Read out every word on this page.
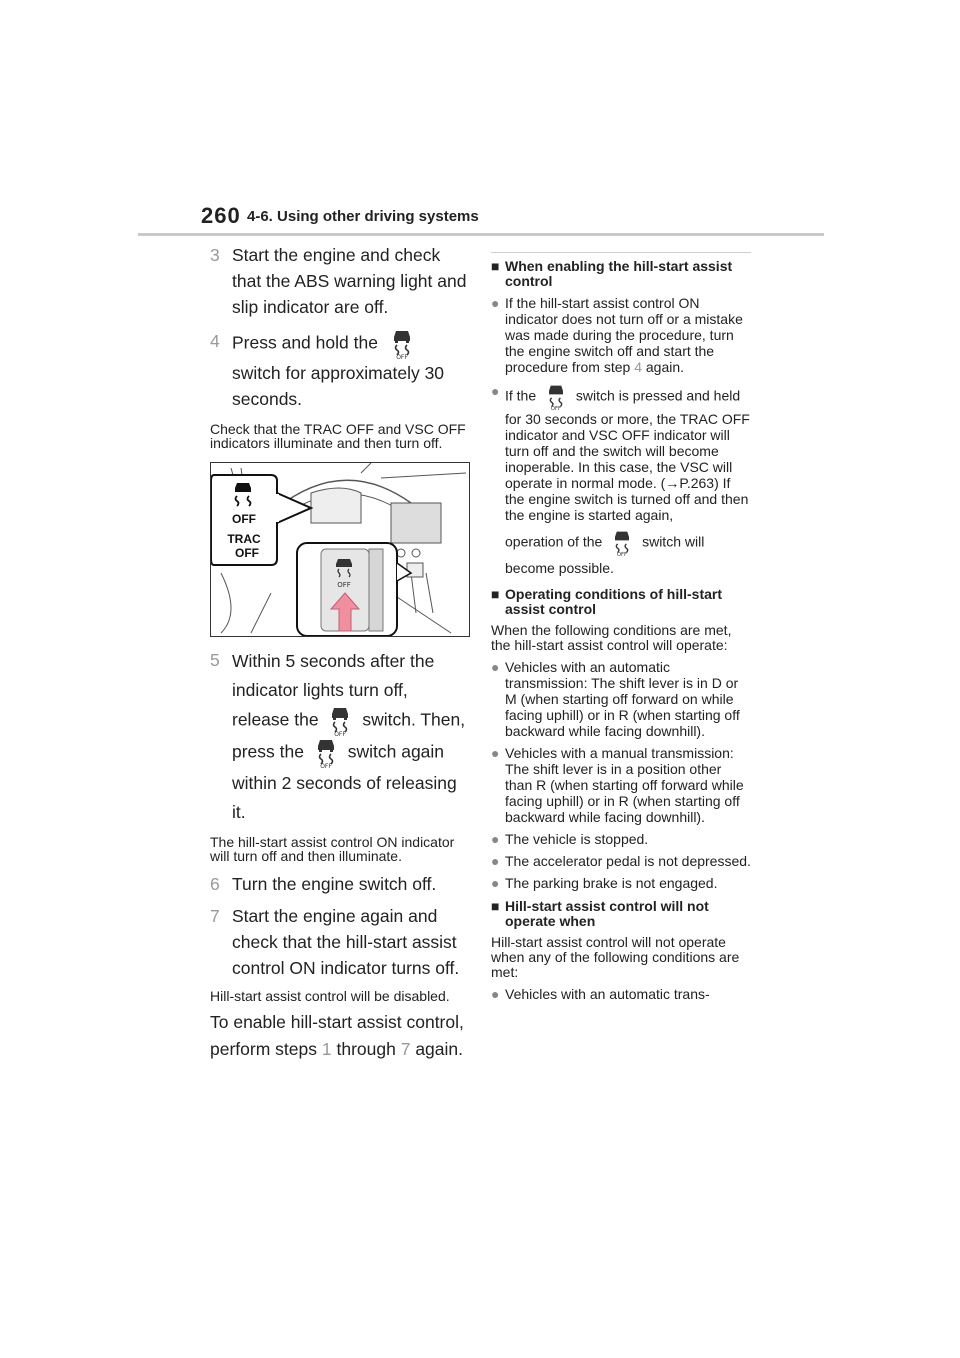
260 4-6. Using other driving systems
3 Start the engine and check that the ABS warning light and slip indicator are off.

4 Press and hold the
OFF

switch for approximately 30 seconds.

Check that the TRAC OFF and VSC OFF indicators illuminate and then turn off.
OFF
TRAC
OFF
OFF
5 Within 5 seconds after the indicator lights turn off,
release the
OFF
switch. Then,
press the
OFF
switch again
within 2 seconds of releasing it.

The hill-start assist control ON indicator will turn off and then illuminate.
6 Turn the engine switch off.

7 Start the engine again and check that the hill-start assist control ON indicator turns off.

Hill-start assist control will be disabled.
To enable hill-start assist control, perform steps 1 through 7 again.
■ When enabling the hill-start assist control
● If the hill-start assist control ON indicator does not turn off or a mistake was made during the procedure, turn the engine switch off and start the procedure from step 4 again.
● If the
OFF
switch is pressed and held for 30 seconds or more, the TRAC OFF indicator and VSC OFF indicator will turn off and the switch will become inoperable. In this case, the VSC will operate in normal mode. (→P.263) If the engine switch is turned off and then the engine is started again,
operation of the
OFF
switch will
become possible.
■ Operating conditions of hill-start assist control
When the following conditions are met, the hill-start assist control will operate:
● Vehicles with an automatic transmission: The shift lever is in D or M (when starting off forward on while facing uphill) or in R (when starting off backward while facing downhill).
● Vehicles with a manual transmission: The shift lever is in a position other than R (when starting off forward while facing uphill) or in R (when starting off backward while facing downhill).
● The vehicle is stopped.
● The accelerator pedal is not depressed.
● The parking brake is not engaged.
■ Hill-start assist control will not operate when
Hill-start assist control will not operate when any of the following conditions are met:
● Vehicles with an automatic trans-
